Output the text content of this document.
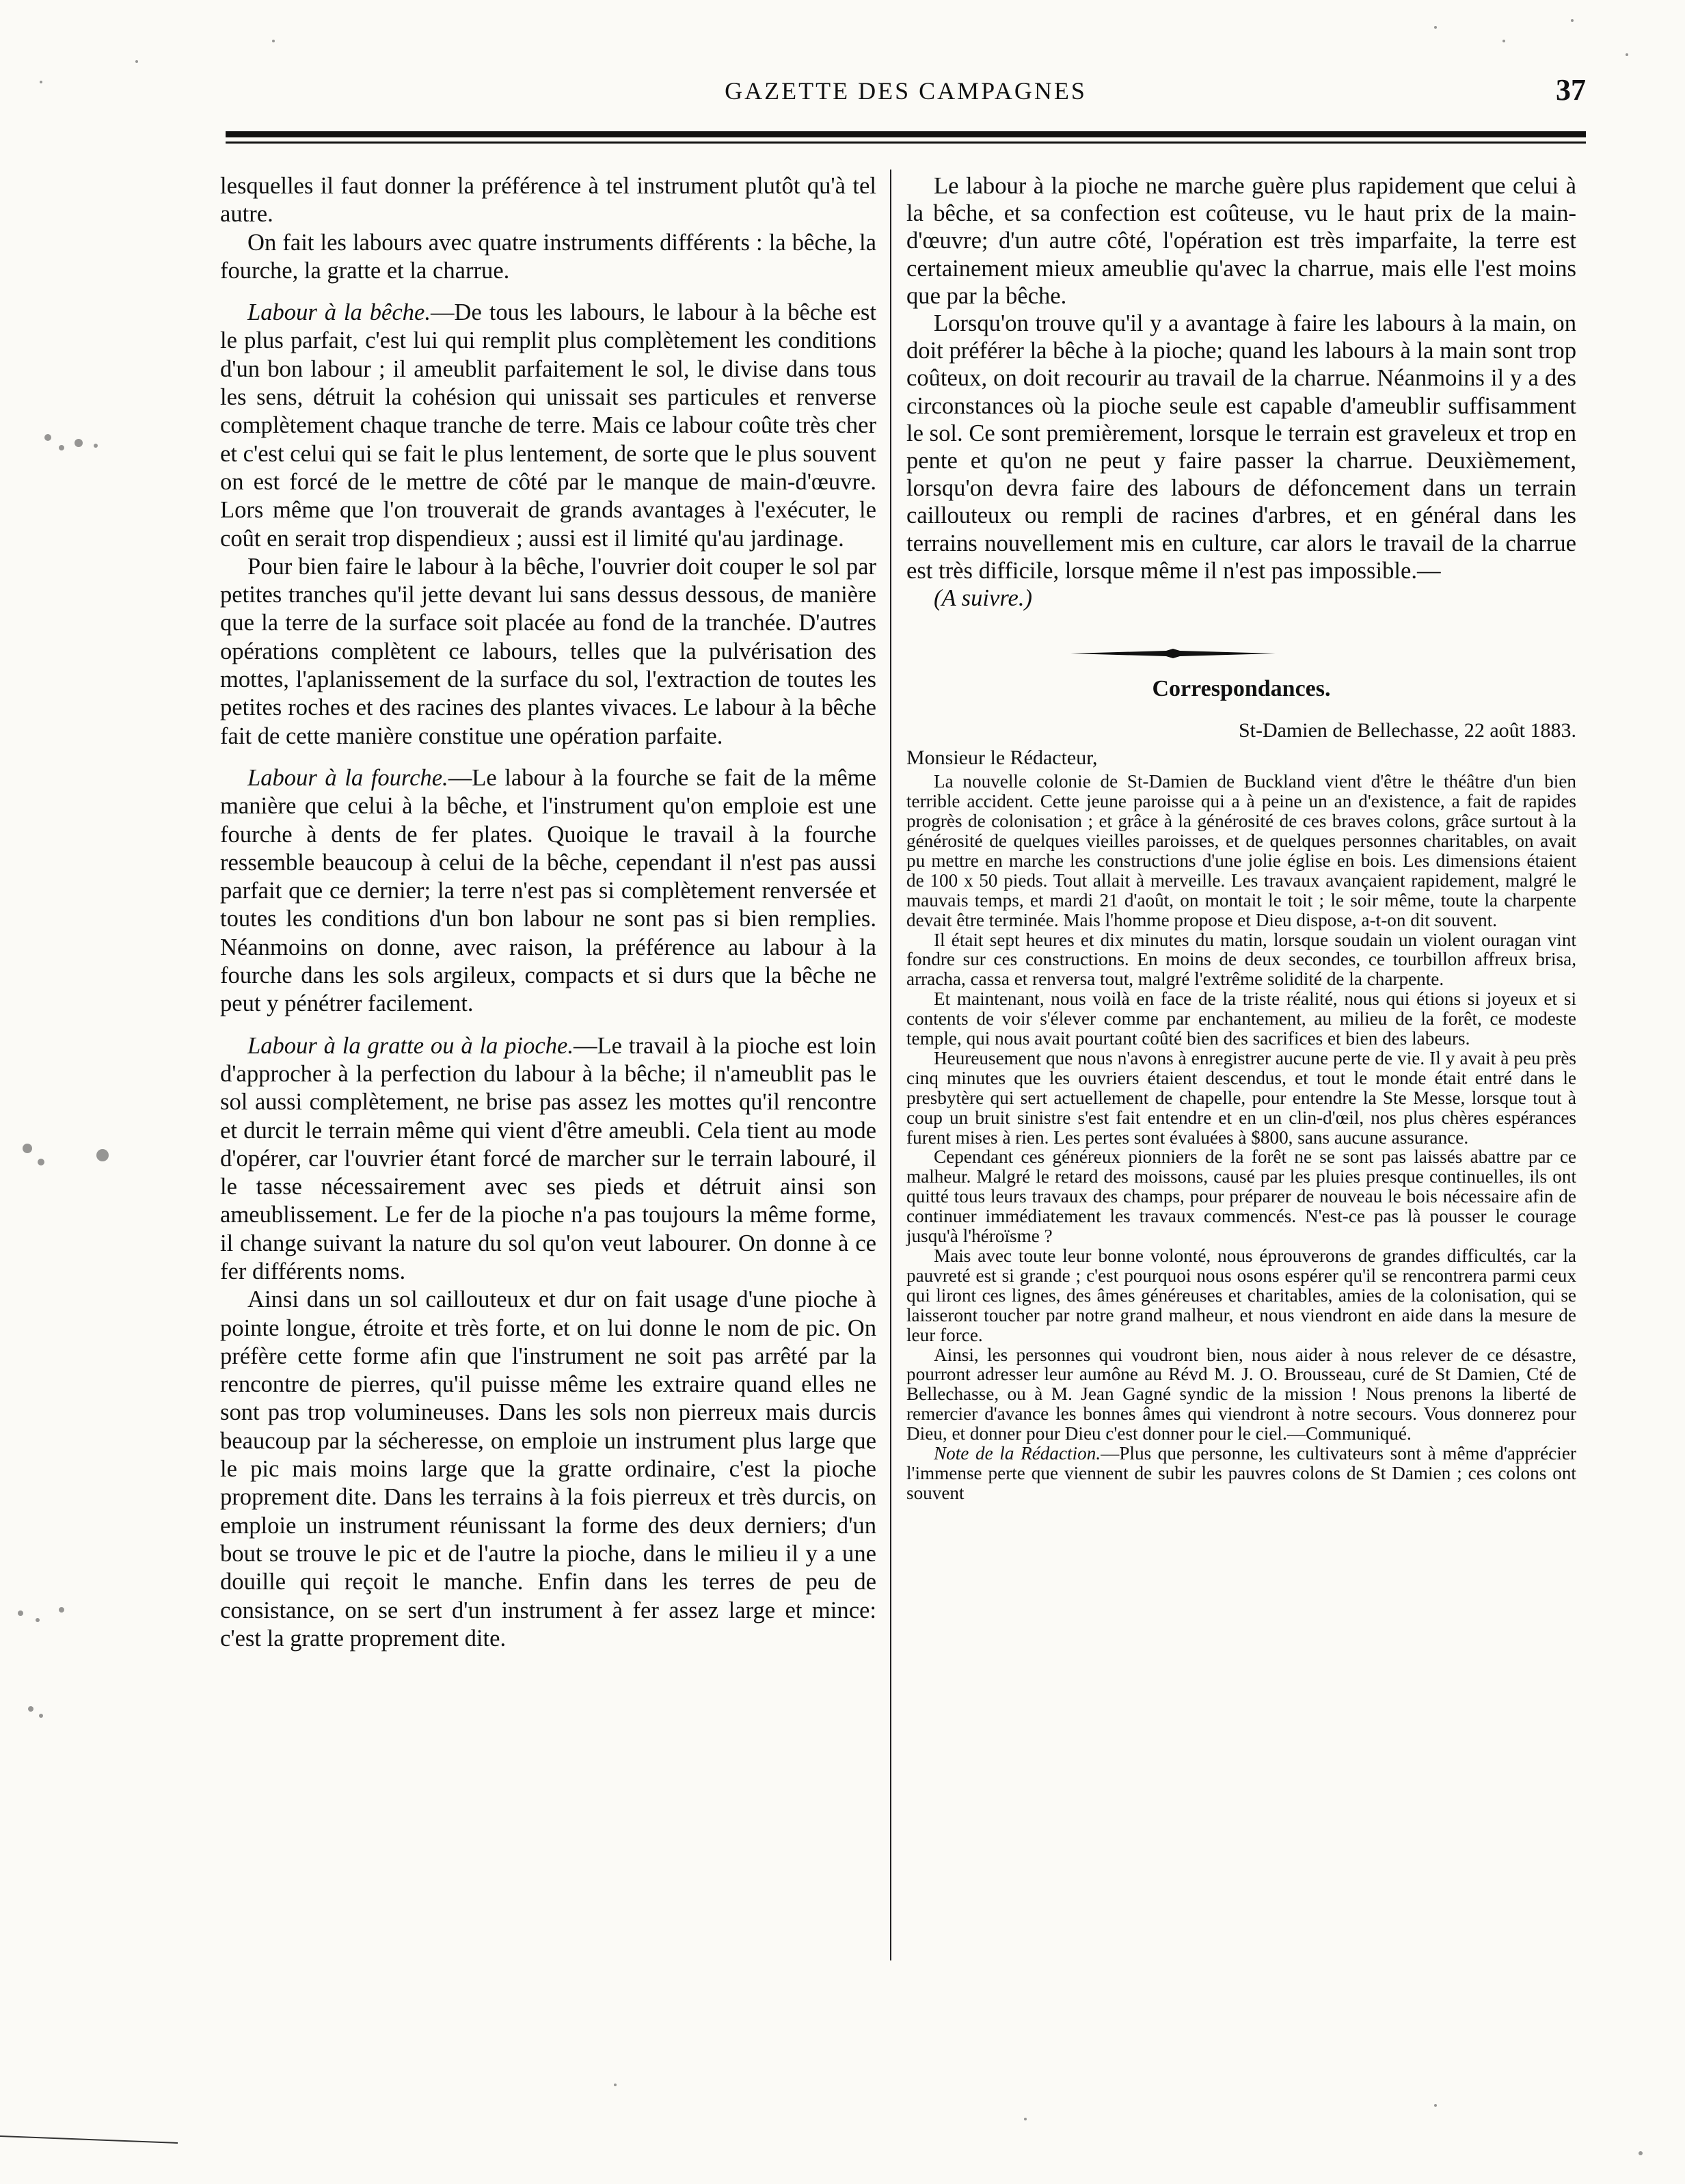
GAZETTE DES CAMPAGNES	37

lesquelles il faut donner la préférence à tel instrument plutôt qu'à tel autre.

On fait les labours avec quatre instruments différents : la bêche, la fourche, la gratte et la charrue.

Labour à la bêche.—De tous les labours, le labour à la bêche est le plus parfait, c'est lui qui remplit plus complètement les conditions d'un bon labour ; il ameublit parfaitement le sol, le divise dans tous les sens, détruit la cohésion qui unissait ses particules et renverse complètement chaque tranche de terre. Mais ce labour coûte très cher et c'est celui qui se fait le plus lentement, de sorte que le plus souvent on est forcé de le mettre de côté par le manque de main-d'œuvre. Lors même que l'on trouverait de grands avantages à l'exécuter, le coût en serait trop dispendieux ; aussi est il limité qu'au jardinage.

Pour bien faire le labour à la bêche, l'ouvrier doit couper le sol par petites tranches qu'il jette devant lui sans dessus dessous, de manière que la terre de la surface soit placée au fond de la tranchée. D'autres opérations complètent ce labours, telles que la pulvérisation des mottes, l'aplanissement de la surface du sol, l'extraction de toutes les petites roches et des racines des plantes vivaces. Le labour à la bêche fait de cette manière constitue une opération parfaite.

Labour à la fourche.—Le labour à la fourche se fait de la même manière que celui à la bêche, et l'instrument qu'on emploie est une fourche à dents de fer plates. Quoique le travail à la fourche ressemble beaucoup à celui de la bêche, cependant il n'est pas aussi parfait que ce dernier; la terre n'est pas si complètement renversée et toutes les conditions d'un bon labour ne sont pas si bien remplies. Néanmoins on donne, avec raison, la préférence au labour à la fourche dans les sols argileux, compacts et si durs que la bêche ne peut y pénétrer facilement.

Labour à la gratte ou à la pioche.—Le travail à la pioche est loin d'approcher à la perfection du labour à la bêche; il n'ameublit pas le sol aussi complètement, ne brise pas assez les mottes qu'il rencontre et durcit le terrain même qui vient d'être ameubli. Cela tient au mode d'opérer, car l'ouvrier étant forcé de marcher sur le terrain labouré, il le tasse nécessairement avec ses pieds et détruit ainsi son ameublissement. Le fer de la pioche n'a pas toujours la même forme, il change suivant la nature du sol qu'on veut labourer. On donne à ce fer différents noms.

Ainsi dans un sol caillouteux et dur on fait usage d'une pioche à pointe longue, étroite et très forte, et on lui donne le nom de pic. On préfère cette forme afin que l'instrument ne soit pas arrêté par la rencontre de pierres, qu'il puisse même les extraire quand elles ne sont pas trop volumineuses. Dans les sols non pierreux mais durcis beaucoup par la sécheresse, on emploie un instrument plus large que le pic mais moins large que la gratte ordinaire, c'est la pioche proprement dite. Dans les terrains à la fois pierreux et très durcis, on emploie un instrument réunissant la forme des deux derniers; d'un bout se trouve le pic et de l'autre la pioche, dans le milieu il y a une douille qui reçoit le manche. Enfin dans les terres de peu de consistance, on se sert d'un instrument à fer assez large et mince: c'est la gratte proprement dite.

Le labour à la pioche ne marche guère plus rapidement que celui à la bêche, et sa confection est coûteuse, vu le haut prix de la main-d'œuvre; d'un autre côté, l'opération est très imparfaite, la terre est certainement mieux ameublie qu'avec la charrue, mais elle l'est moins que par la bêche.

Lorsqu'on trouve qu'il y a avantage à faire les labours à la main, on doit préférer la bêche à la pioche; quand les labours à la main sont trop coûteux, on doit recourir au travail de la charrue. Néanmoins il y a des circonstances où la pioche seule est capable d'ameublir suffisamment le sol. Ce sont premièrement, lorsque le terrain est graveleux et trop en pente et qu'on ne peut y faire passer la charrue. Deuxièmement, lorsqu'on devra faire des labours de défoncement dans un terrain caillouteux ou rempli de racines d'arbres, et en général dans les terrains nouvellement mis en culture, car alors le travail de la charrue est très difficile, lorsque même il n'est pas impossible.—

(A suivre.)

Correspondances.
St-Damien de Bellechasse, 22 août 1883.
Monsieur le Rédacteur,

La nouvelle colonie de St-Damien de Buckland vient d'être le théâtre d'un bien terrible accident. Cette jeune paroisse qui a à peine un an d'existence, a fait de rapides progrès de colonisation ; et grâce à la générosité de ces braves colons, grâce surtout à la générosité de quelques vieilles paroisses, et de quelques personnes charitables, on avait pu mettre en marche les constructions d'une jolie église en bois. Les dimensions étaient de 100 x 50 pieds. Tout allait à merveille. Les travaux avançaient rapidement, malgré le mauvais temps, et mardi 21 d'août, on montait le toit ; le soir même, toute la charpente devait être terminée. Mais l'homme propose et Dieu dispose, a-t-on dit souvent.

Il était sept heures et dix minutes du matin, lorsque soudain un violent ouragan vint fondre sur ces constructions. En moins de deux secondes, ce tourbillon affreux brisa, arracha, cassa et renversa tout, malgré l'extrême solidité de la charpente.

Et maintenant, nous voilà en face de la triste réalité, nous qui étions si joyeux et si contents de voir s'élever comme par enchantement, au milieu de la forêt, ce modeste temple, qui nous avait pourtant coûté bien des sacrifices et bien des labeurs.

Heureusement que nous n'avons à enregistrer aucune perte de vie. Il y avait à peu près cinq minutes que les ouvriers étaient descendus, et tout le monde était entré dans le presbytère qui sert actuellement de chapelle, pour entendre la Ste Messe, lorsque tout à coup un bruit sinistre s'est fait entendre et en un clin-d'œil, nos plus chères espérances furent mises à rien. Les pertes sont évaluées à $800, sans aucune assurance.

Cependant ces généreux pionniers de la forêt ne se sont pas laissés abattre par ce malheur. Malgré le retard des moissons, causé par les pluies presque continuelles, ils ont quitté tous leurs travaux des champs, pour préparer de nouveau le bois nécessaire afin de continuer immédiatement les travaux commencés. N'est-ce pas là pousser le courage jusqu'à l'héroïsme ?

Mais avec toute leur bonne volonté, nous éprouverons de grandes difficultés, car la pauvreté est si grande ; c'est pourquoi nous osons espérer qu'il se rencontrera parmi ceux qui liront ces lignes, des âmes généreuses et charitables, amies de la colonisation, qui se laisseront toucher par notre grand malheur, et nous viendront en aide dans la mesure de leur force.

Ainsi, les personnes qui voudront bien, nous aider à nous relever de ce désastre, pourront adresser leur aumône au Révd M. J. O. Brousseau, curé de St Damien, Cté de Bellechasse, ou à M. Jean Gagné syndic de la mission ! Nous prenons la liberté de remercier d'avance les bonnes âmes qui viendront à notre secours. Vous donnerez pour Dieu, et donner pour Dieu c'est donner pour le ciel.—Communiqué.

Note de la Rédaction.—Plus que personne, les cultivateurs sont à même d'apprécier l'immense perte que viennent de subir les pauvres colons de St Damien ; ces colons ont souvent
